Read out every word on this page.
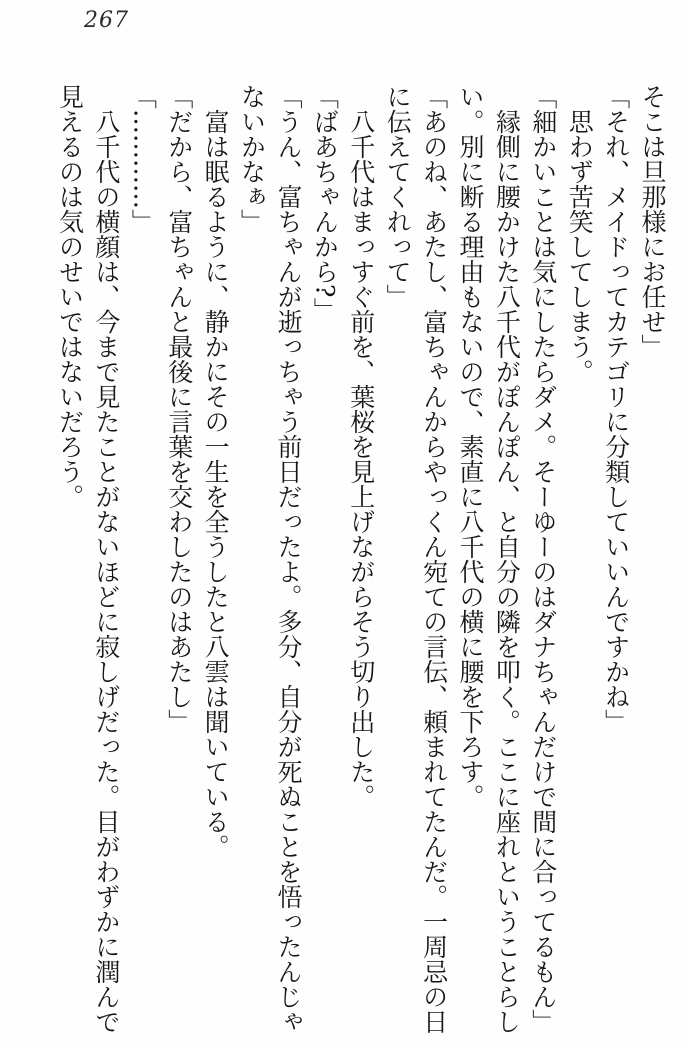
267

そこは旦那様にお任せ」

「それ、メイドってカテゴリに分類していいんですかね」

思わず苦笑してしまう。

「細かいことは気にしたらダメ。そーゆーのはダナちゃんだけで間に合ってるもん」

縁側に腰かけた八千代がぽんぽん、と自分の隣を叩く。ここに座れということらし

い。別に断る理由もないので、素直に八千代の横に腰を下ろす。

「あのね、あたし、富ちゃんからやっくん宛ての言伝、頼まれてたんだ。一周忌の日

に伝えてくれって」

八千代はまっすぐ前を、葉桜を見上げながらそう切り出した。

「ばあちゃんから?」

「うん、富ちゃんが逝っちゃう前日だったよ。多分、自分が死ぬことを悟ったんじゃ

ないかなぁ」

富は眠るように、静かにその一生を全うしたと八雲は聞いている。

「だから、富ちゃんと最後に言葉を交わしたのはあたし」

「…………」

八千代の横顔は、今まで見たことがないほどに寂しげだった。目がわずかに潤んで

見えるのは気のせいではないだろう。
